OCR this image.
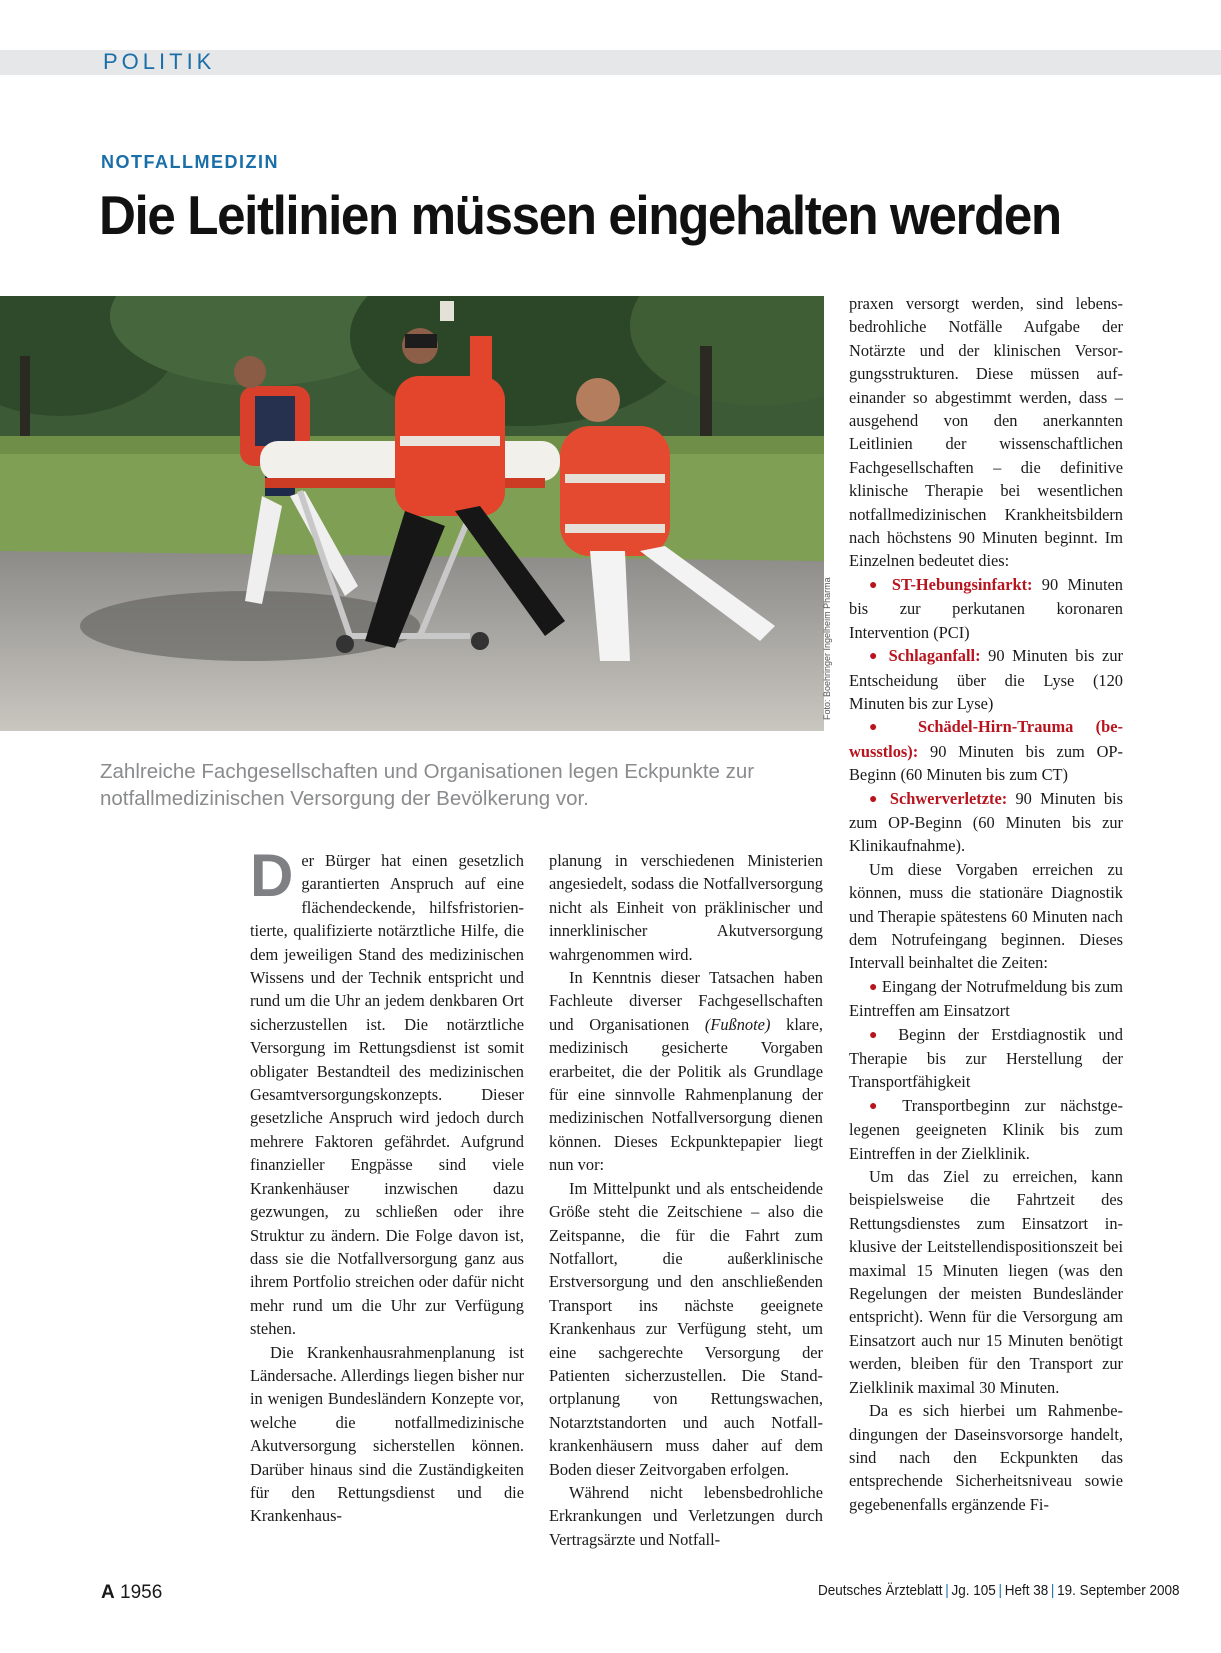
POLITIK
NOTFALLMEDIZIN
Die Leitlinien müssen eingehalten werden
Foto: Boehringer Ingelheim Pharma
Zahlreiche Fachgesellschaften und Organisationen legen Eckpunkte zur notfallmedizinischen Versorgung der Bevölkerung vor.

Der Bürger hat einen gesetzlich garantierten Anspruch auf eine flächendeckende, hilfsfristorientierte, qualifizierte notärztliche Hilfe, die dem jeweiligen Stand des medizinischen Wissens und der Technik entspricht und rund um die Uhr an jedem denkbaren Ort sicherzustellen ist. Die notärztliche Versorgung im Rettungsdienst ist somit obligater Bestandteil des medizinischen Gesamtversorgungskonzepts. Dieser gesetzliche Anspruch wird jedoch durch mehrere Faktoren gefährdet. Aufgrund finanzieller Engpässe sind viele Krankenhäuser inzwischen dazu gezwungen, zu schließen oder ihre Struktur zu ändern. Die Folge davon ist, dass sie die Notfallversorgung ganz aus ihrem Portfolio streichen oder dafür nicht mehr rund um die Uhr zur Verfügung stehen.

Die Krankenhausrahmenplanung ist Ländersache. Allerdings liegen bisher nur in wenigen Bundesländern Konzepte vor, welche die notfallmedizinische Akutversorgung sicherstellen können. Darüber hinaus sind die Zuständigkeiten für den Rettungsdienst und die Krankenhaus-

planung in verschiedenen Ministerien angesiedelt, sodass die Notfallversorgung nicht als Einheit von präklinischer und innerklinischer Akutversorgung wahrgenommen wird.

In Kenntnis dieser Tatsachen haben Fachleute diverser Fachgesellschaften und Organisationen (Fußnote) klare, medizinisch gesicherte Vorgaben erarbeitet, die der Politik als Grundlage für eine sinnvolle Rahmenplanung der medizinischen Notfallversorgung dienen können. Dieses Eckpunktepapier liegt nun vor:

Im Mittelpunkt und als entscheidende Größe steht die Zeitschiene – also die Zeitspanne, die für die Fahrt zum Notfallort, die außerklinische Erstversorgung und den anschließenden Transport ins nächste geeignete Krankenhaus zur Verfügung steht, um eine sachgerechte Versorgung der Patienten sicherzustellen. Die Standortplanung von Rettungswachen, Notarztstandorten und auch Notfallkrankenhäusern muss daher auf dem Boden dieser Zeitvorgaben erfolgen.

Während nicht lebensbedrohliche Erkrankungen und Verletzungen durch Vertragsärzte und Notfall-

praxen versorgt werden, sind lebensbedrohliche Notfälle Aufgabe der Notärzte und der klinischen Versorgungsstrukturen. Diese müssen aufeinander so abgestimmt werden, dass – ausgehend von den anerkannten Leitlinien der wissenschaftlichen Fachgesellschaften – die definitive klinische Therapie bei wesentlichen notfallmedizinischen Krankheitsbildern nach höchstens 90 Minuten beginnt. Im Einzelnen bedeutet dies:

● ST-Hebungsinfarkt: 90 Minuten bis zur perkutanen koronaren Intervention (PCI)

● Schlaganfall: 90 Minuten bis zur Entscheidung über die Lyse (120 Minuten bis zur Lyse)

● Schädel-Hirn-Trauma (bewusstlos): 90 Minuten bis zum OP-Beginn (60 Minuten bis zum CT)

● Schwerverletzte: 90 Minuten bis zum OP-Beginn (60 Minuten bis zur Klinikaufnahme).

Um diese Vorgaben erreichen zu können, muss die stationäre Diagnostik und Therapie spätestens 60 Minuten nach dem Notrufeingang beginnen. Dieses Intervall beinhaltet die Zeiten:

● Eingang der Notrufmeldung bis zum Eintreffen am Einsatzort

● Beginn der Erstdiagnostik und Therapie bis zur Herstellung der Transportfähigkeit

● Transportbeginn zur nächstgelegenen geeigneten Klinik bis zum Eintreffen in der Zielklinik.

Um das Ziel zu erreichen, kann beispielsweise die Fahrtzeit des Rettungsdienstes zum Einsatzort inklusive der Leitstellendispositionszeit bei maximal 15 Minuten liegen (was den Regelungen der meisten Bundesländer entspricht). Wenn für die Versorgung am Einsatzort auch nur 15 Minuten benötigt werden, bleiben für den Transport zur Zielklinik maximal 30 Minuten.

Da es sich hierbei um Rahmenbedingungen der Daseinsvorsorge handelt, sind nach den Eckpunkten das entsprechende Sicherheitsniveau sowie gegebenenfalls ergänzende Fi-

A 1956	Deutsches Ärzteblatt | Jg. 105 | Heft 38 | 19. September 2008
